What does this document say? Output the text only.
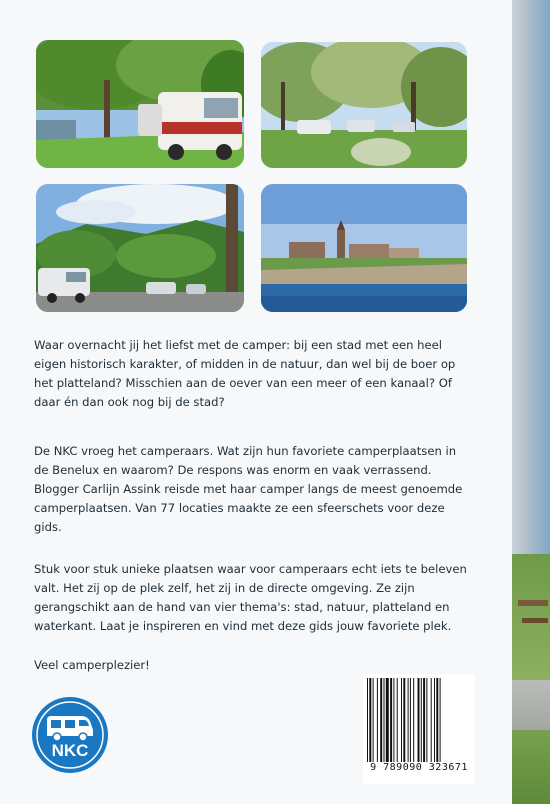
Waar overnacht jij het liefst met de camper: bij een stad met een heel eigen historisch karakter, of midden in de natuur, dan wel bij de boer op het platteland? Misschien aan de oever van een meer of een kanaal? Of daar én dan ook nog bij de stad?

De NKC vroeg het camperaars. Wat zijn hun favoriete camperplaatsen in de Benelux en waarom? De respons was enorm en vaak verrassend. Blogger Carlijn Assink reisde met haar camper langs de meest genoemde camperplaatsen. Van 77 locaties maakte ze een sfeerschets voor deze gids.

Stuk voor stuk unieke plaatsen waar voor camperaars echt iets te beleven valt. Het zij op de plek zelf, het zij in de directe omgeving. Ze zijn gerangschikt aan de hand van vier thema's: stad, natuur, platteland en waterkant. Laat je inspireren en vind met deze gids jouw favoriete plek.

Veel camperplezier!

NKC
9 789090 323671
